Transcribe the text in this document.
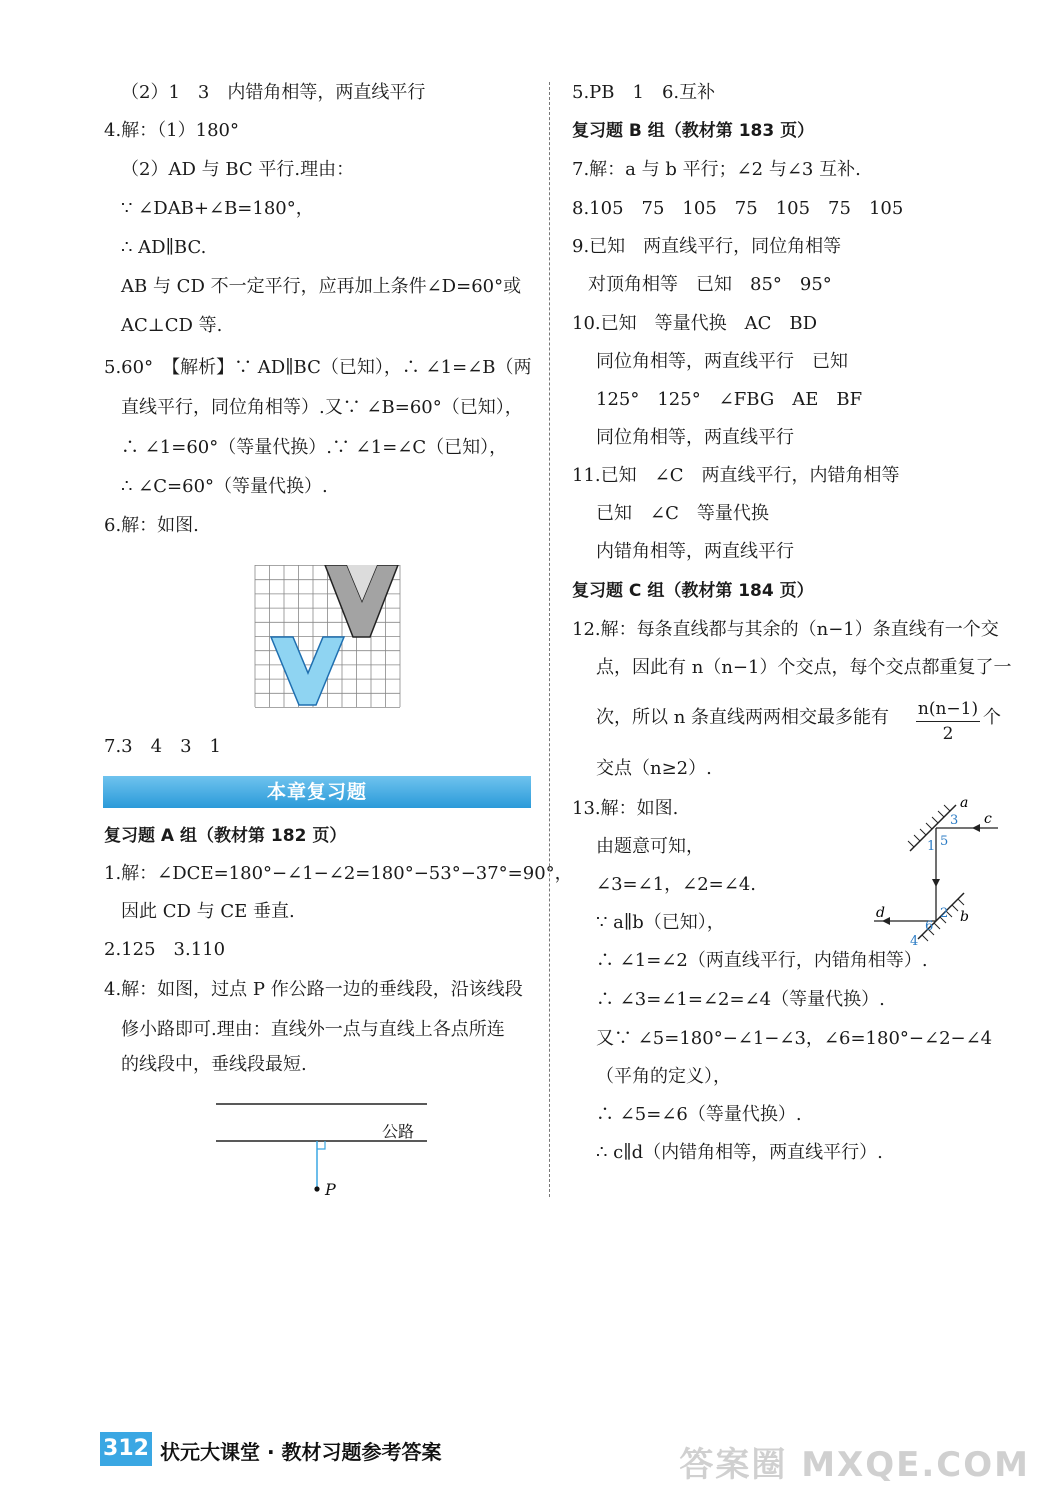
（2）1　3　内错角相等，两直线平行
4.解：（1）180°
（2）AD 与 BC 平行.理由：
∵ ∠DAB+∠B=180°，
∴ AD∥BC.
AB 与 CD 不一定平行，应再加上条件∠D=60°或
AC⊥CD 等.
5.60°　【解析】∵ AD∥BC（已知），∴ ∠1=∠B（两
直线平行，同位角相等）.又∵ ∠B=60°（已知），
∴ ∠1=60°（等量代换）.∵ ∠1=∠C（已知），
∴ ∠C=60°（等量代换）.
6.解：如图.
7.3　4　3　1
复习题 A 组（教材第 182 页）
1.解：∠DCE=180°−∠1−∠2=180°−53°−37°=90°，
因此 CD 与 CE 垂直.
2.125　3.110
4.解：如图，过点 P 作公路一边的垂线段，沿该线段
修小路即可.理由：直线外一点与直线上各点所连
的线段中，垂线段最短.
5.PB　1　6.互补
复习题 B 组（教材第 183 页）
7.解：a 与 b 平行；∠2 与∠3 互补.
8.105　75　105　75　105　75　105
9.已知　两直线平行，同位角相等
对顶角相等　已知　85°　95°
10.已知　等量代换　AC　BD
同位角相等，两直线平行　已知
125°　125°　∠FBG　AE　BF
同位角相等，两直线平行
11.已知　∠C　两直线平行，内错角相等
已知　∠C　等量代换
内错角相等，两直线平行
复习题 C 组（教材第 184 页）
12.解：每条直线都与其余的（n−1）条直线有一个交
点，因此有 n（n−1）个交点，每个交点都重复了一
次，所以 n 条直线两两相交最多能有	个
交点（n≥2）.
13.解：如图.
由题意可知，
∠3=∠1，∠2=∠4.
∵ a∥b（已知），
∴ ∠1=∠2（两直线平行，内错角相等）.
∴ ∠3=∠1=∠2=∠4（等量代换）.
又∵ ∠5=180°−∠1−∠3，∠6=180°−∠2−∠4
（平角的定义），
∴ ∠5=∠6（等量代换）.
∴ c∥d（内错角相等，两直线平行）.
本章复习题
$\frac{n(n-1)}{2}$
公路
P
a
c
3
1 5
2
6
4
d	b
312 状元大课堂 · 教材习题参考答案	答案圈 MXQE.COM
